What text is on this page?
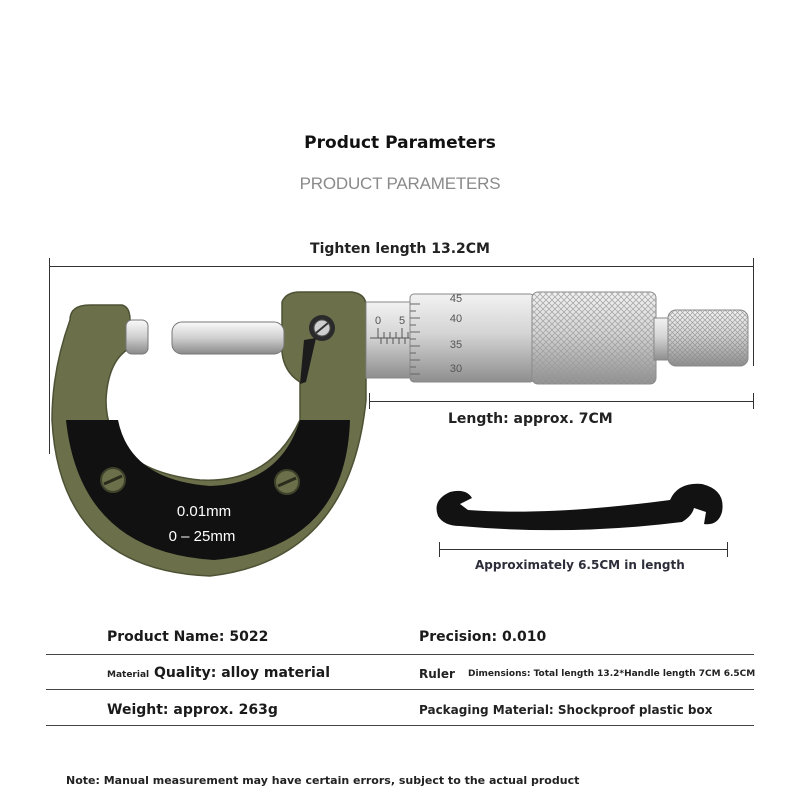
Product Parameters
PRODUCT PARAMETERS
Tighten length 13.2CM
0.01mm
0 – 25mm
0 5
45
40
35
30
Length: approx. 7CM
Approximately 6.5CM in length
Product Name: 5022	Precision: 0.010
Material Quality: alloy material	Ruler Dimensions: Total length 13.2*Handle length 7CM 6.5CM
Weight: approx. 263g	Packaging Material: Shockproof plastic box
Note: Manual measurement may have certain errors, subject to the actual product
